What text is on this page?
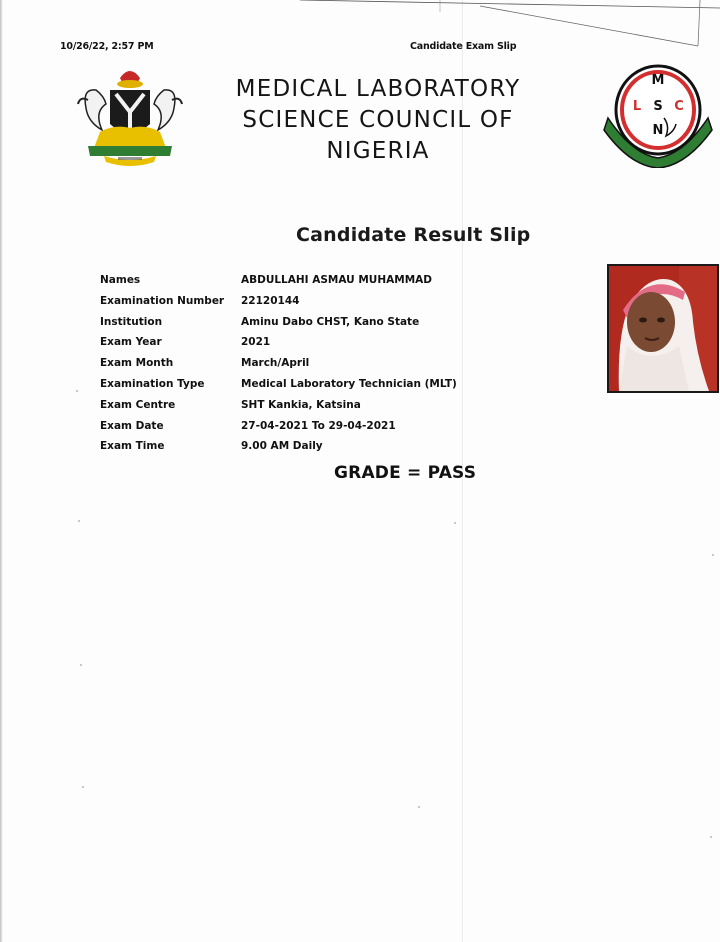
10/26/22, 2:57 PM	Candidate Exam Slip
MEDICAL LABORATORY
SCIENCE COUNCIL OF
NIGERIA
M
L S C
N
Candidate Result Slip
Names	ABDULLAHI ASMAU MUHAMMAD
Examination Number 22120144
Institution	Aminu Dabo CHST, Kano State
Exam Year	2021
Exam Month	March/April
Examination Type	Medical Laboratory Technician (MLT)
Exam Centre	SHT Kankia, Katsina
Exam Date	27-04-2021 To 29-04-2021
Exam Time	9.00 AM Daily
GRADE = PASS
